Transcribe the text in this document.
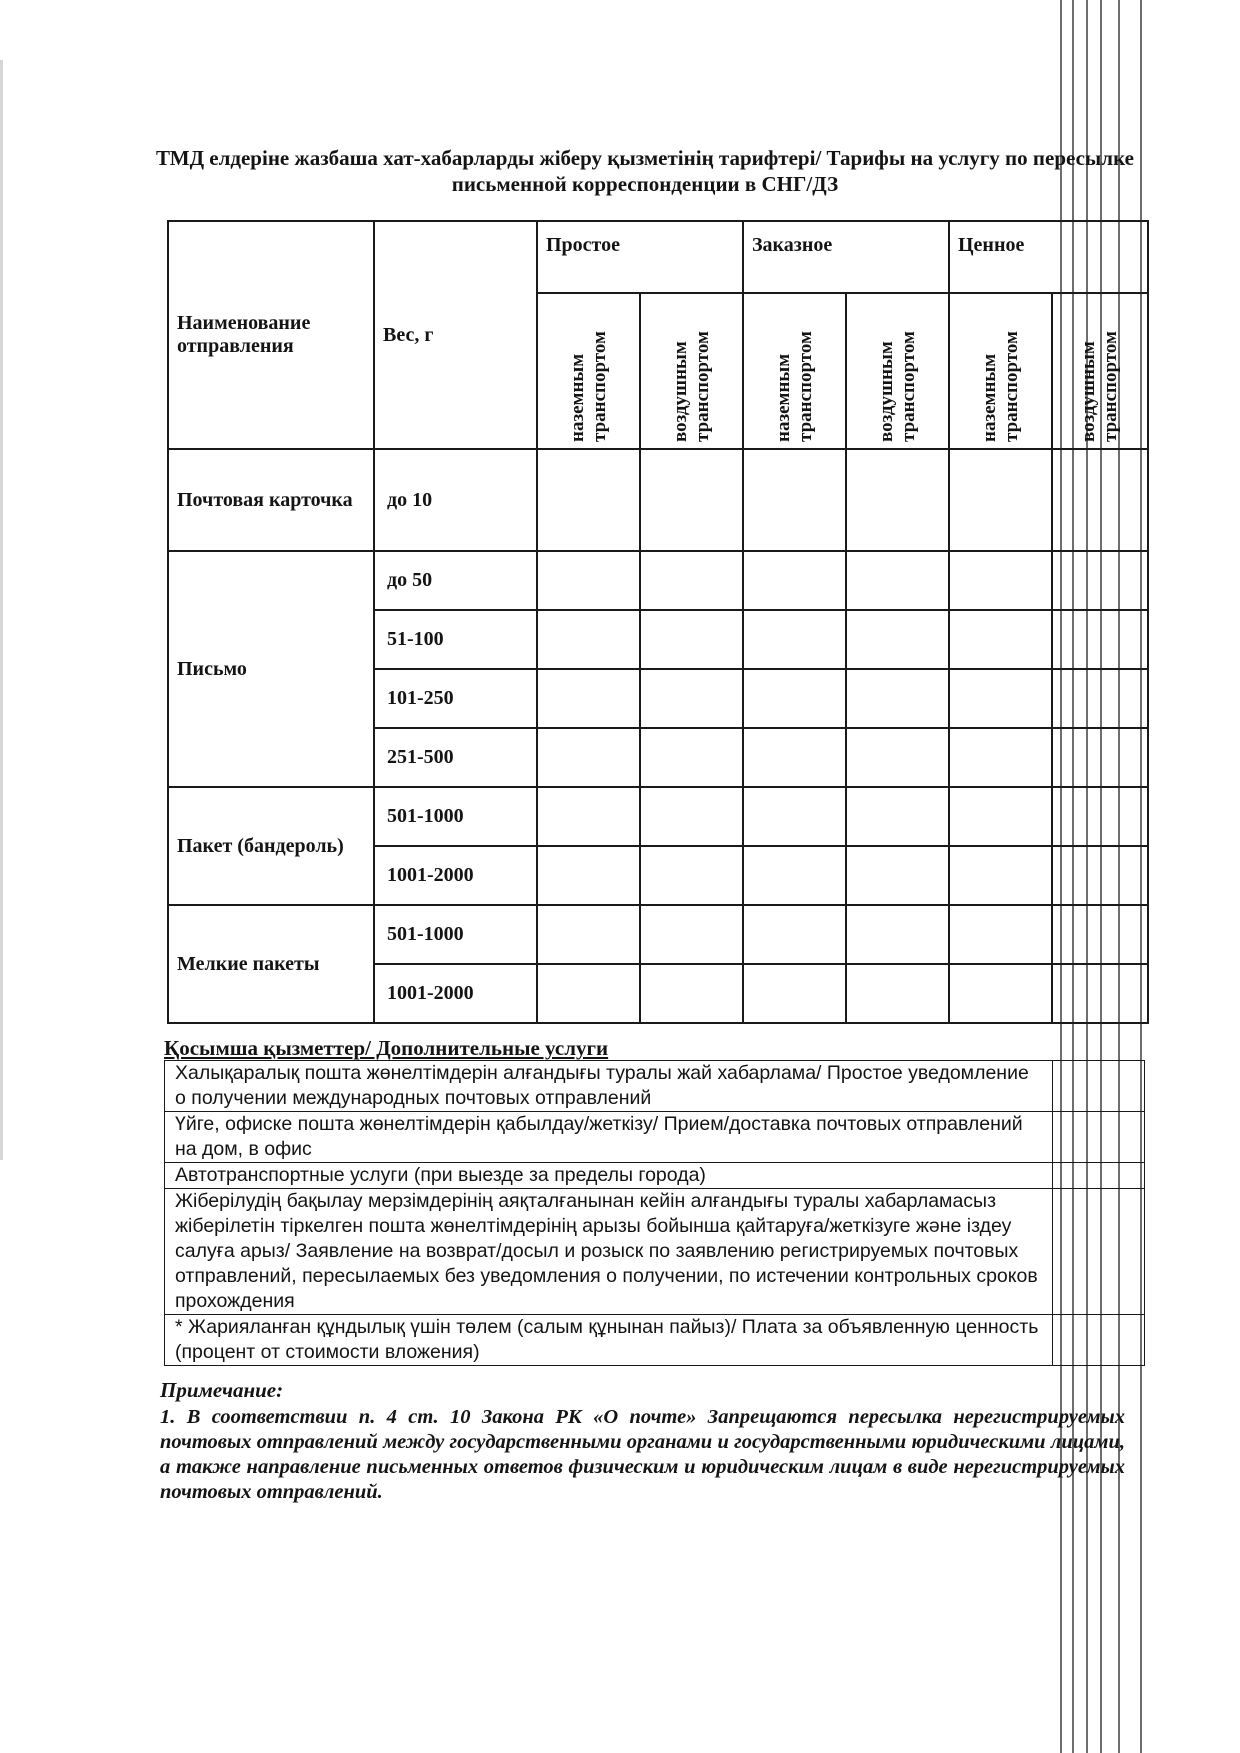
ТМД елдеріне жазбаша хат-хабарларды жіберу қызметінің тарифтері/ Тарифы на услугу по пересылке письменной корреспонденции в СНГ/ДЗ
Наименование отправления	Вес, г	Простое		Заказное		Ценное	
		наземным транспортом	воздушным транспортом	наземным транспортом	воздушным транспортом	наземным транспортом	воздушным транспортом
Почтовая карточка	до 10						
Письмо	до 50						
	51-100						
	101-250						
	251-500						
Пакет (бандероль)	501-1000						
	1001-2000						
Мелкие пакеты	501-1000						
	1001-2000						
Қосымша қызметтер/ Дополнительные услуги
Халықаралық пошта жөнелтімдерін алғандығы туралы жай хабарлама/ Простое уведомление о получении международных почтовых отправлений	
Үйге, офиске пошта жөнелтімдерін қабылдау/жеткізу/ Прием/доставка почтовых отправлений на дом, в офис	
Автотранспортные услуги (при выезде за пределы города)	
Жіберілудің бақылау мерзімдерінің аяқталғанынан кейін алғандығы туралы хабарламасыз жіберілетін тіркелген пошта жөнелтімдерінің арызы бойынша қайтаруға/жеткізуге және іздеу салуға арыз/ Заявление на возврат/досыл и розыск по заявлению регистрируемых почтовых отправлений, пересылаемых без уведомления о получении, по истечении контрольных сроков прохождения	
* Жарияланған құндылық үшін төлем (салым құнынан пайыз)/ Плата за объявленную ценность (процент от стоимости вложения)	
Примечание:
1. В соответствии п. 4 ст. 10 Закона РК «О почте» Запрещаются пересылка нерегистрируемых почтовых отправлений между государственными органами и государственными юридическими лицами, а также направление письменных ответов физическим и юридическим лицам в виде нерегистрируемых почтовых отправлений.
